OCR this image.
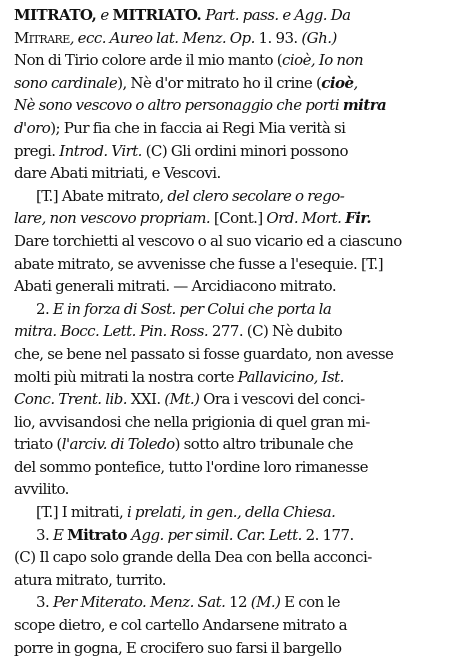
MITRATO, e MITRIATO. Part. pass. e Agg. Da
Mitrare, ecc. Aureo lat. Menz. Op. 1. 93. (Gh.)
Non di Tirio colore arde il mio manto (cioè, Io non
sono cardinale), Nè d'or mitrato ho il crine (cioè,
Nè sono vescovo o altro personaggio che porti mitra
d'oro); Pur fia che in faccia ai Regi Mia verità si
pregi. Introd. Virt. (C) Gli ordini minori possono
dare Abati mitriati, e Vescovi.
[T.] Abate mitrato, del clero secolare o rego-
lare, non vescovo propriam. [Cont.] Ord. Mort. Fir.
Dare torchietti al vescovo o al suo vicario ed a ciascuno
abate mitrato, se avvenisse che fusse a l'esequie. [T.]
Abati generali mitrati. — Arcidiacono mitrato.
2. E in forza di Sost. per Colui che porta la
mitra. Bocc. Lett. Pin. Ross. 277. (C) Nè dubito
che, se bene nel passato si fosse guardato, non avesse
molti più mitrati la nostra corte Pallavicino, Ist.
Conc. Trent. lib. XXI. (Mt.) Ora i vescovi del conci-
lio, avvisandosi che nella prigionia di quel gran mi-
triato (l'arciv. di Toledo) sotto altro tribunale che
del sommo pontefice, tutto l'ordine loro rimanesse
avvilito.
[T.] I mitrati, i prelati, in gen., della Chiesa.
3. E Mitrato Agg. per simil. Car. Lett. 2. 177.
(C) Il capo solo grande della Dea con bella acconci-
atura mitrato, turrito.
3. Per Miterato. Menz. Sat. 12 (M.) E con le
scope dietro, e col cartello Andarsene mitrato a
porre in gogna, E crocifero suo farsi il bargello
